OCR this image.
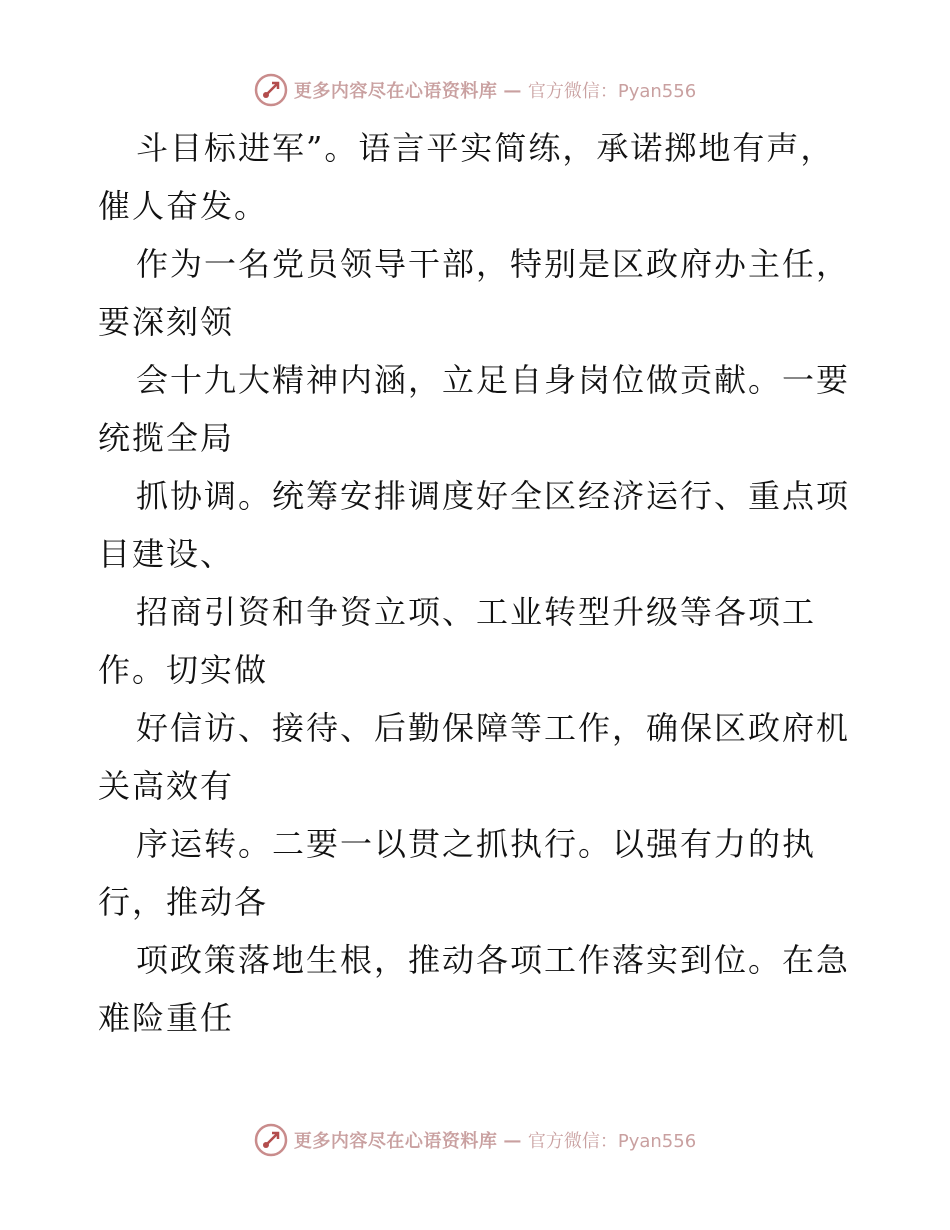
更多内容尽在心语资料库 — 官方微信：Pyan556
斗目标进军”。语言平实简练，承诺掷地有声，
催人奋发。
作为一名党员领导干部，特别是区政府办主任，
要深刻领
会十九大精神内涵，立足自身岗位做贡献。一要
统揽全局
抓协调。统筹安排调度好全区经济运行、重点项
目建设、
招商引资和争资立项、工业转型升级等各项工
作。切实做
好信访、接待、后勤保障等工作，确保区政府机
关高效有
序运转。二要一以贯之抓执行。以强有力的执
行，推动各
项政策落地生根，推动各项工作落实到位。在急
难险重任
更多内容尽在心语资料库 — 官方微信：Pyan556
